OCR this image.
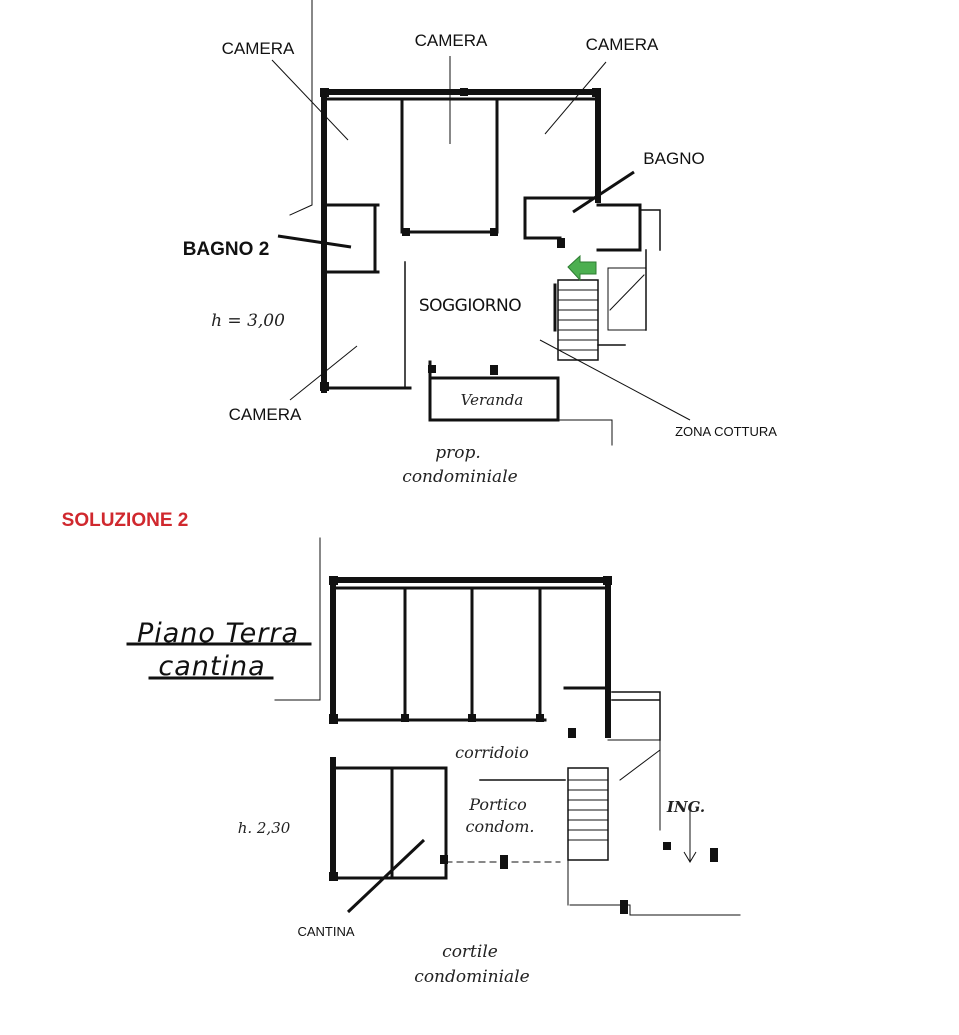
CAMERA	CAMERA	CAMERA
BAGNO
BAGNO 2
SOGGIORNO
CAMERA
Veranda
ZONA COTTURA
h = 3,00
prop.
condominiale
SOLUZIONE 2
ING.
Piano Terra
cantina
corridoio
Portico
condom.
h. 2,30
CANTINA
cortile
condominiale
